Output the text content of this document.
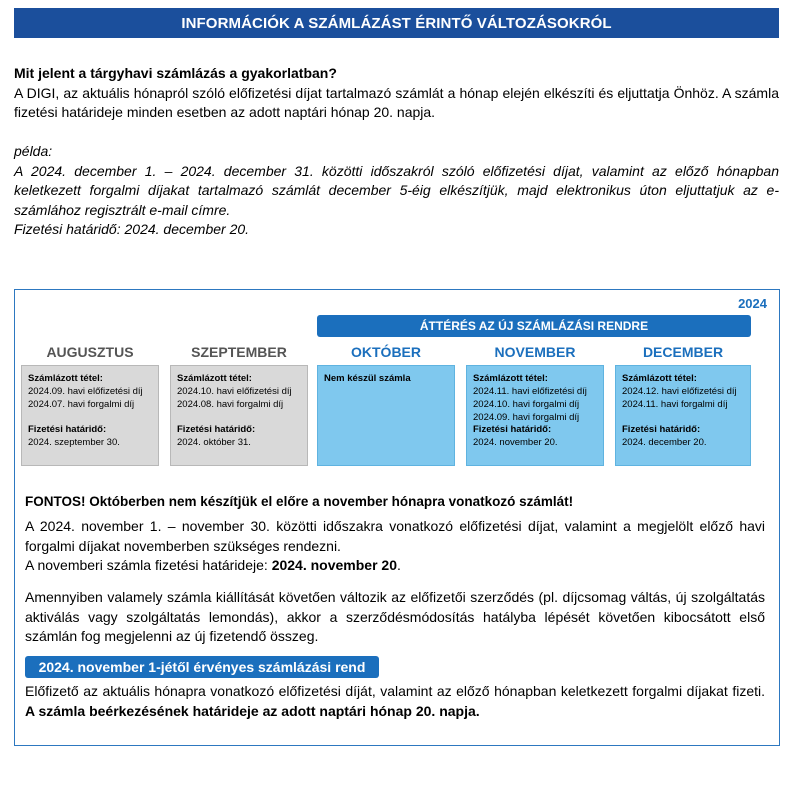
INFORMÁCIÓK A SZÁMLÁZÁST ÉRINTŐ VÁLTOZÁSOKRÓL
Mit jelent a tárgyhavi számlázás a gyakorlatban?

A DIGI, az aktuális hónapról szóló előfizetési díjat tartalmazó számlát a hónap elején elkészíti és eljuttatja Önhöz. A számla fizetési határideje minden esetben az adott naptári hónap 20. napja.

példa:

A 2024. december 1. – 2024. december 31. közötti időszakról szóló előfizetési díjat, valamint az előző hónapban keletkezett forgalmi díjakat tartalmazó számlát december 5-éig elkészítjük, majd elektronikus úton eljuttatjuk az e-számlához regisztrált e-mail címre.

Fizetési határidő: 2024. december 20.
2024
ÁTTÉRÉS AZ ÚJ SZÁMLÁZÁSI RENDRE
AUGUSZTUS	SZEPTEMBER	OKTÓBER	NOVEMBER	DECEMBER
Számlázott tétel:
2024.09. havi előfizetési díj
2024.07. havi forgalmi díj
Fizetési határidő:
2024. szeptember 30.
Számlázott tétel:
2024.10. havi előfizetési díj
2024.08. havi forgalmi díj
Fizetési határidő:
2024. október 31.
Nem készül számla	Számlázott tétel:
2024.11. havi előfizetési díj
2024.10. havi forgalmi díj
2024.09. havi forgalmi díj
Fizetési határidő:
2024. november 20.
Számlázott tétel:
2024.12. havi előfizetési díj
2024.11. havi forgalmi díj
Fizetési határidő:
2024. december 20.
FONTOS! Októberben nem készítjük el előre a november hónapra vonatkozó számlát!
A 2024. november 1. – november 30. közötti időszakra vonatkozó előfizetési díjat, valamint a megjelölt előző havi forgalmi díjakat novemberben szükséges rendezni.
A novemberi számla fizetési határideje: 2024. november 20.
Amennyiben valamely számla kiállítását követően változik az előfizetői szerződés (pl. díjcsomag váltás, új szolgáltatás aktiválás vagy szolgáltatás lemondás), akkor a szerződésmódosítás hatályba lépését követően kibocsátott első számlán fog megjelenni az új fizetendő összeg.
2024. november 1-jétől érvényes számlázási rend
Előfizető az aktuális hónapra vonatkozó előfizetési díját, valamint az előző hónapban keletkezett forgalmi díjakat fizeti. A számla beérkezésének határideje az adott naptári hónap 20. napja.
